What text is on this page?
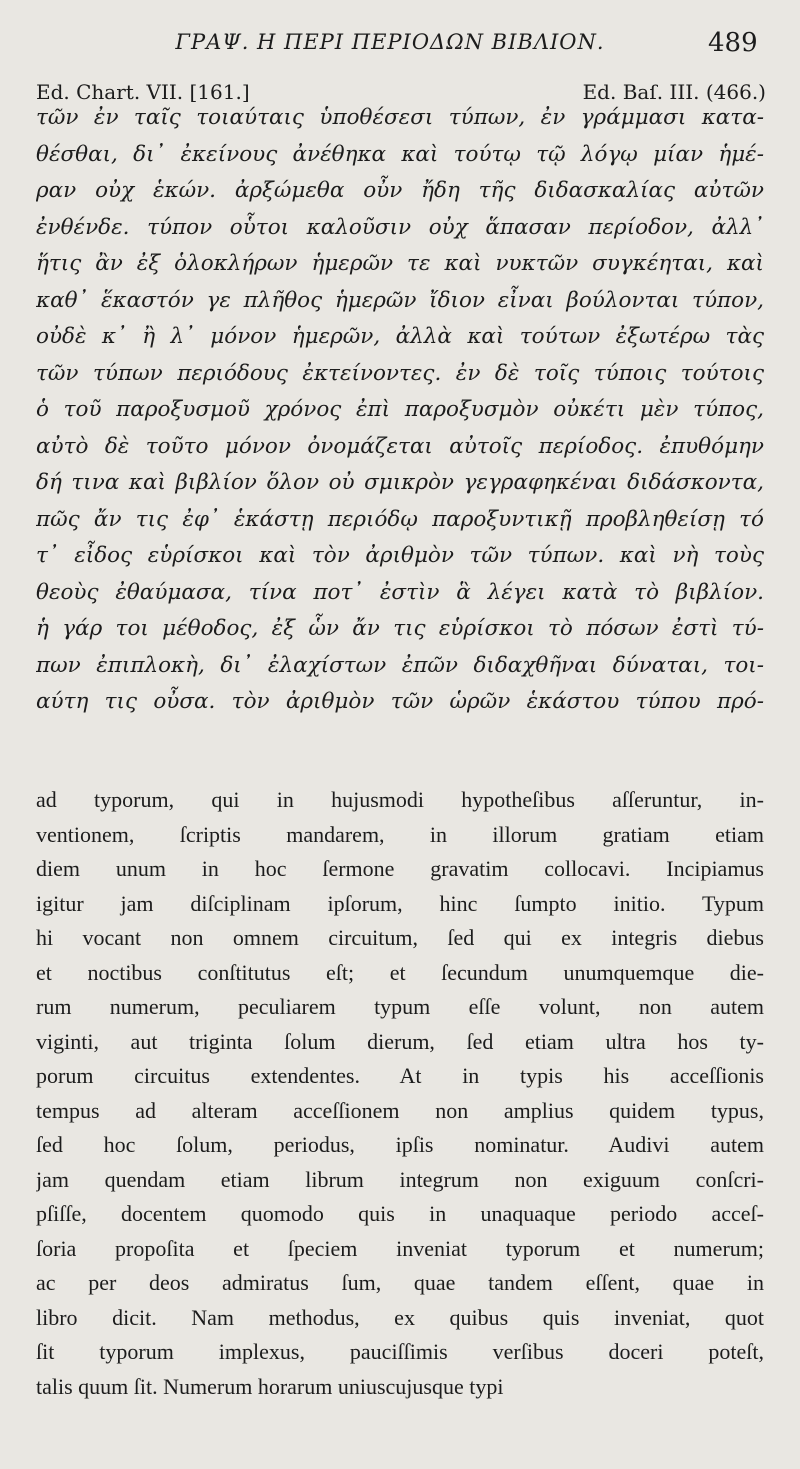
ΓΡΑΨ. Η ΠΕΡΙ ΠΕΡΙΟΔΩΝ ΒΙΒΛΙΟΝ.	489
Ed. Chart. VII. [161.]	Ed. Baſ. III. (466.)
τῶν ἐν ταῖς τοιαύταις ὑποθέσεσι τύπων, ἐν γράμμασι κατα-
θέσθαι, δι᾽ ἐκείνους ἀνέθηκα καὶ τούτῳ τῷ λόγῳ μίαν ἡμέ-
ραν οὐχ ἑκών. ἀρξώμεθα οὖν ἤδη τῆς διδασκαλίας αὐτῶν
ἐνθένδε. τύπον οὗτοι καλοῦσιν οὐχ ἅπασαν περίοδον, ἀλλ᾽
ἥτις ἂν ἐξ ὁλοκλήρων ἡμερῶν τε καὶ νυκτῶν συγκέηται, καὶ
καθ᾽ ἕκαστόν γε πλῆθος ἡμερῶν ἴδιον εἶναι βούλονται τύπον,
οὐδὲ κ᾽ ἢ λ᾽ μόνον ἡμερῶν, ἀλλὰ καὶ τούτων ἐξωτέρω τὰς
τῶν τύπων περιόδους ἐκτείνοντες. ἐν δὲ τοῖς τύποις τούτοις
ὁ τοῦ παροξυσμοῦ χρόνος ἐπὶ παροξυσμὸν οὐκέτι μὲν τύπος,
αὐτὸ δὲ τοῦτο μόνον ὀνομάζεται αὐτοῖς περίοδος. ἐπυθόμην
δή τινα καὶ βιβλίον ὅλον οὐ σμικρὸν γεγραφηκέναι διδάσκοντα,
πῶς ἄν τις ἐφ᾽ ἑκάστῃ περιόδῳ παροξυντικῇ προβληθείσῃ τό
τ᾽ εἶδος εὑρίσκοι καὶ τὸν ἀριθμὸν τῶν τύπων. καὶ νὴ τοὺς
θεοὺς ἐθαύμασα, τίνα ποτ᾽ ἐστὶν ἃ λέγει κατὰ τὸ βιβλίον.
ἡ γάρ τοι μέθοδος, ἐξ ὧν ἄν τις εὑρίσκοι τὸ πόσων ἐστὶ τύ-
πων ἐπιπλοκὴ, δι᾽ ἐλαχίστων ἐπῶν διδαχθῆναι δύναται, τοι-
αύτη τις οὖσα. τὸν ἀριθμὸν τῶν ὡρῶν ἑκάστου τύπου πρό-
ad typorum, qui in hujusmodi hypotheſibus aſſeruntur, in-
ventionem, ſcriptis mandarem, in illorum gratiam etiam
diem unum in hoc ſermone gravatim collocavi. Incipiamus
igitur jam diſciplinam ipſorum, hinc ſumpto initio. Typum
hi vocant non omnem circuitum, ſed qui ex integris diebus
et noctibus conſtitutus eſt; et ſecundum unumquemque die-
rum numerum, peculiarem typum eſſe volunt, non autem
viginti, aut triginta ſolum dierum, ſed etiam ultra hos ty-
porum circuitus extendentes. At in typis his acceſſionis
tempus ad alteram acceſſionem non amplius quidem typus,
ſed hoc ſolum, periodus, ipſis nominatur. Audivi autem
jam quendam etiam librum integrum non exiguum conſcri-
pſiſſe, docentem quomodo quis in unaquaque periodo acceſ-
ſoria propoſita et ſpeciem inveniat typorum et numerum;
ac per deos admiratus ſum, quae tandem eſſent, quae in
libro dicit. Nam methodus, ex quibus quis inveniat, quot
ſit typorum implexus, pauciſſimis verſibus doceri poteſt,
talis quum ſit. Numerum horarum uniuscujusque typi
